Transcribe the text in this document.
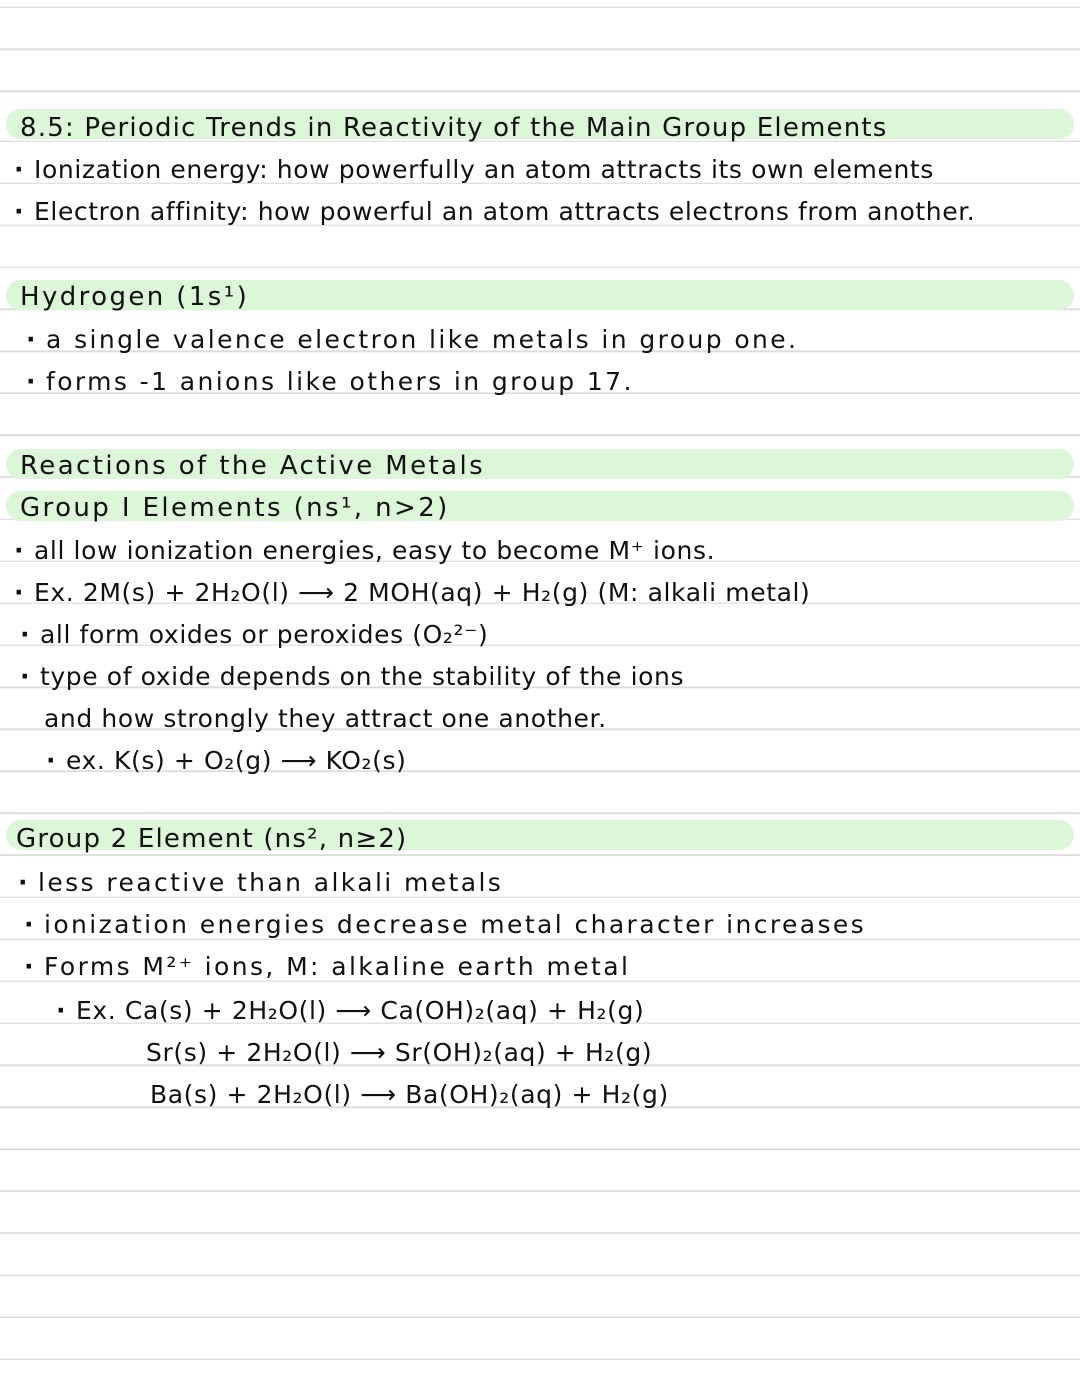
8.5: Periodic Trends in Reactivity of the Main Group Elements
·Ionization energy: how powerfully an atom attracts its own elements
·Electron affinity: how powerful an atom attracts electrons from another.
Hydrogen (1s¹)
·a single valence electron like metals in group one.
·forms -1 anions like others in group 17.
Reactions of the Active Metals
Group I Elements (ns¹, n>2)
·all low ionization energies, easy to become M⁺ ions.
·Ex. 2M(s) + 2H₂O(l) ⟶ 2 MOH(aq) + H₂(g) (M: alkali metal)
·all form oxides or peroxides (O₂²⁻)
·type of oxide depends on the stability of the ions
and how strongly they attract one another.
·ex. K(s) + O₂(g) ⟶ KO₂(s)
Group 2 Element (ns², n≥2)
·less reactive than alkali metals
·ionization energies decrease metal character increases
·Forms M²⁺ ions, M: alkaline earth metal
·Ex. Ca(s) + 2H₂O(l) ⟶ Ca(OH)₂(aq) + H₂(g)
Sr(s) + 2H₂O(l) ⟶ Sr(OH)₂(aq) + H₂(g)
Ba(s) + 2H₂O(l) ⟶ Ba(OH)₂(aq) + H₂(g)
